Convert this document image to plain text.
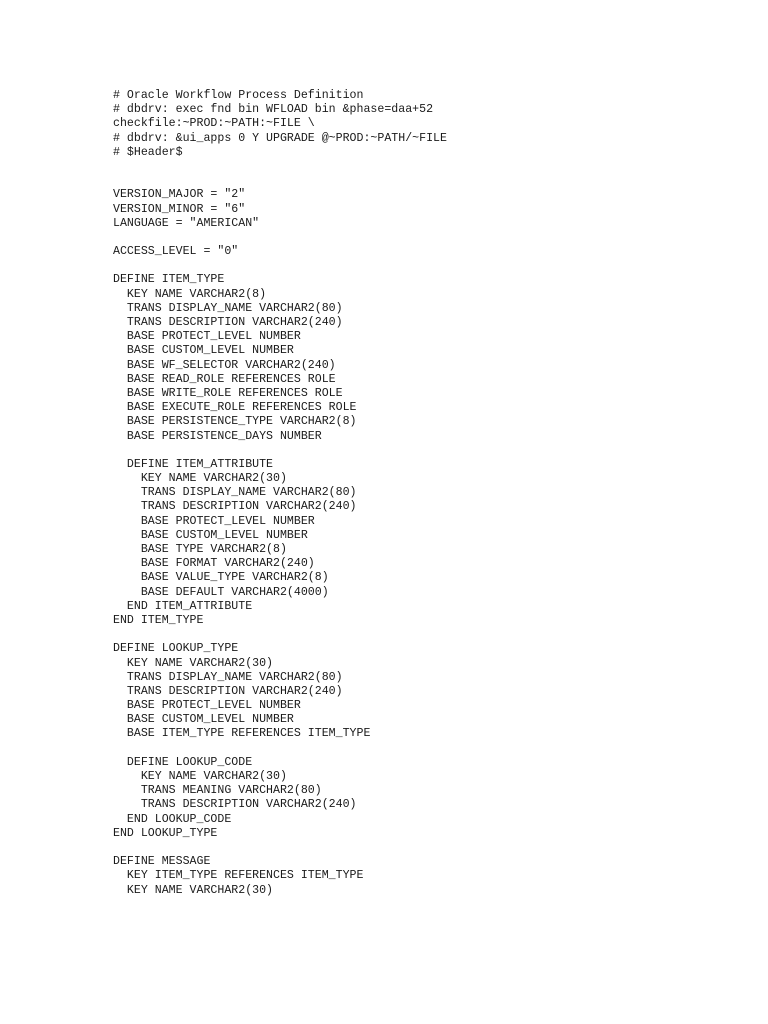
# Oracle Workflow Process Definition
# dbdrv: exec fnd bin WFLOAD bin &phase=daa+52
checkfile:~PROD:~PATH:~FILE \
# dbdrv: &ui_apps 0 Y UPGRADE @~PROD:~PATH/~FILE
# $Header$
VERSION_MAJOR = "2"
VERSION_MINOR = "6"
LANGUAGE = "AMERICAN"
ACCESS_LEVEL = "0"
DEFINE ITEM_TYPE
KEY NAME VARCHAR2(8)
TRANS DISPLAY_NAME VARCHAR2(80)
TRANS DESCRIPTION VARCHAR2(240)
BASE PROTECT_LEVEL NUMBER
BASE CUSTOM_LEVEL NUMBER
BASE WF_SELECTOR VARCHAR2(240)
BASE READ_ROLE REFERENCES ROLE
BASE WRITE_ROLE REFERENCES ROLE
BASE EXECUTE_ROLE REFERENCES ROLE
BASE PERSISTENCE_TYPE VARCHAR2(8)
BASE PERSISTENCE_DAYS NUMBER
DEFINE ITEM_ATTRIBUTE
KEY NAME VARCHAR2(30)
TRANS DISPLAY_NAME VARCHAR2(80)
TRANS DESCRIPTION VARCHAR2(240)
BASE PROTECT_LEVEL NUMBER
BASE CUSTOM_LEVEL NUMBER
BASE TYPE VARCHAR2(8)
BASE FORMAT VARCHAR2(240)
BASE VALUE_TYPE VARCHAR2(8)
BASE DEFAULT VARCHAR2(4000)
END ITEM_ATTRIBUTE
END ITEM_TYPE
DEFINE LOOKUP_TYPE
KEY NAME VARCHAR2(30)
TRANS DISPLAY_NAME VARCHAR2(80)
TRANS DESCRIPTION VARCHAR2(240)
BASE PROTECT_LEVEL NUMBER
BASE CUSTOM_LEVEL NUMBER
BASE ITEM_TYPE REFERENCES ITEM_TYPE
DEFINE LOOKUP_CODE
KEY NAME VARCHAR2(30)
TRANS MEANING VARCHAR2(80)
TRANS DESCRIPTION VARCHAR2(240)
END LOOKUP_CODE
END LOOKUP_TYPE
DEFINE MESSAGE
KEY ITEM_TYPE REFERENCES ITEM_TYPE
KEY NAME VARCHAR2(30)
